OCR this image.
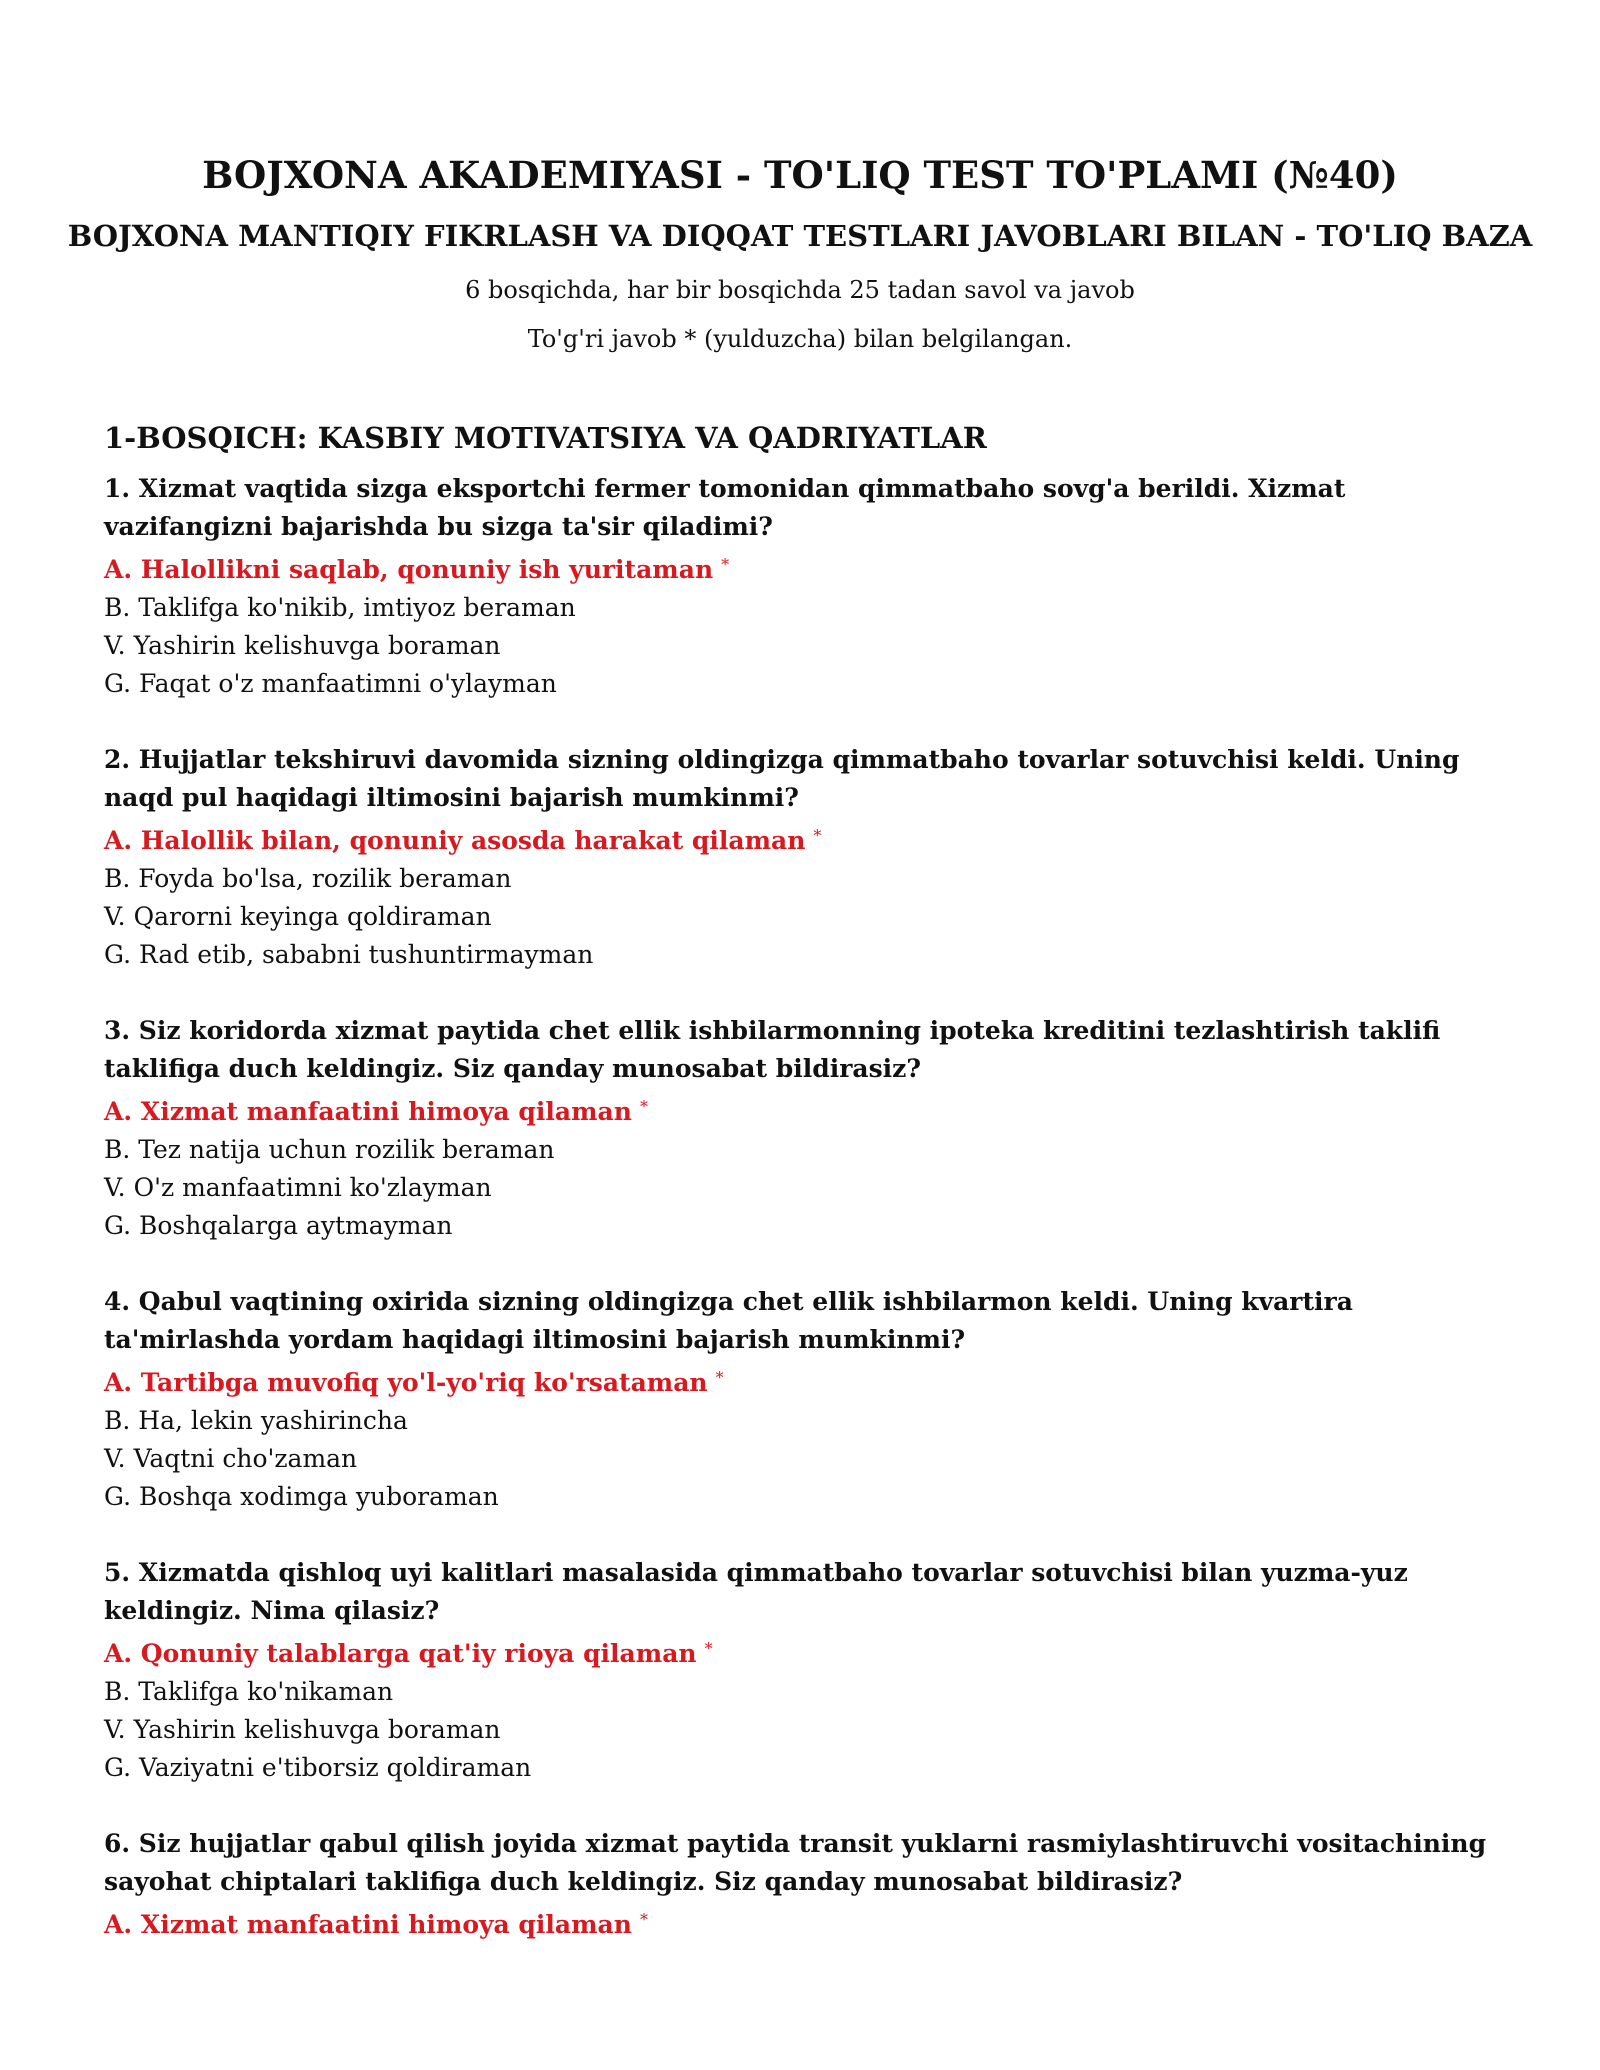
BOJXONA AKADEMIYASI - TO'LIQ TEST TO'PLAMI (№40)
BOJXONA MANTIQIY FIKRLASH VA DIQQAT TESTLARI JAVOBLARI BILAN - TO'LIQ BAZA

6 bosqichda, har bir bosqichda 25 tadan savol va javob

To'g'ri javob * (yulduzcha) bilan belgilangan.

1-BOSQICH: KASBIY MOTIVATSIYA VA QADRIYATLAR

1. Xizmat vaqtida sizga eksportchi fermer tomonidan qimmatbaho sovg'a berildi. Xizmat vazifangizni bajarishda bu sizga ta'sir qiladimi?

A. Halollikni saqlab, qonuniy ish yuritaman *
B. Taklifga ko'nikib, imtiyoz beraman
V. Yashirin kelishuvga boraman
G. Faqat o'z manfaatimni o'ylayman

2. Hujjatlar tekshiruvi davomida sizning oldingizga qimmatbaho tovarlar sotuvchisi keldi. Uning naqd pul haqidagi iltimosini bajarish mumkinmi?

A. Halollik bilan, qonuniy asosda harakat qilaman *
B. Foyda bo'lsa, rozilik beraman
V. Qarorni keyinga qoldiraman
G. Rad etib, sababni tushuntirmayman

3. Siz koridorda xizmat paytida chet ellik ishbilarmonning ipoteka kreditini tezlashtirish taklifi taklifiga duch keldingiz. Siz qanday munosabat bildirasiz?

A. Xizmat manfaatini himoya qilaman *
B. Tez natija uchun rozilik beraman
V. O'z manfaatimni ko'zlayman
G. Boshqalarga aytmayman

4. Qabul vaqtining oxirida sizning oldingizga chet ellik ishbilarmon keldi. Uning kvartira ta'mirlashda yordam haqidagi iltimosini bajarish mumkinmi?

A. Tartibga muvofiq yo'l-yo'riq ko'rsataman *
B. Ha, lekin yashirincha
V. Vaqtni cho'zaman
G. Boshqa xodimga yuboraman

5. Xizmatda qishloq uyi kalitlari masalasida qimmatbaho tovarlar sotuvchisi bilan yuzma-yuz keldingiz. Nima qilasiz?

A. Qonuniy talablarga qat'iy rioya qilaman *
B. Taklifga ko'nikaman
V. Yashirin kelishuvga boraman
G. Vaziyatni e'tiborsiz qoldiraman

6. Siz hujjatlar qabul qilish joyida xizmat paytida transit yuklarni rasmiylashtiruvchi vositachining sayohat chiptalari taklifiga duch keldingiz. Siz qanday munosabat bildirasiz?

A. Xizmat manfaatini himoya qilaman *
